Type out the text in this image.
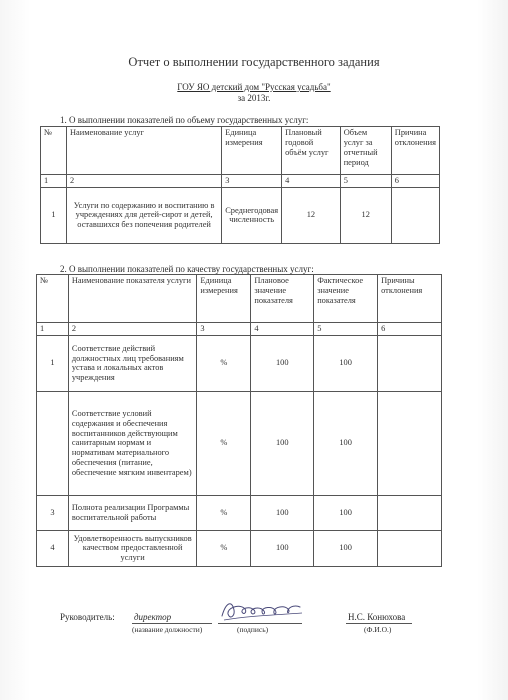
Отчет о выполнении государственного задания
ГОУ ЯО детский дом "Русская усадьба"
за 2013г.
1. О выполнении показателей по объему государственных услуг:
№	Наименование услуг	Единица измерения	Плановый годовой объём услуг	Объем услуг за отчетный период	Причина отклонения
1	2	3	4	5	6
1	Услуги по содержанию и воспитанию в учреждениях для детей-сирот и детей, оставшихся без попечения родителей	Среднегодовая численность	12	12	
2. О выполнении показателей по качеству государственных услуг:
№	Наименование показателя услуги	Единица измерения	Плановое значение показателя	Фактическое значение показателя	Причины отклонения
1	2	3	4	5	6
1	Соответствие действий должностных лиц требованиям устава и локальных актов учреждения	%	100	100	
	Соответствие условий содержания и обеспечения воспитанников действующим санитарным нормам и нормативам материального обеспечения (питание, обеспечение мягким инвентарем)	%	100	100	
3	Полнота реализации Программы воспитательной работы	%	100	100	
4	Удовлетворенность выпускников качеством предоставленной услуги	%	100	100	
Руководитель: директор
(название должности)	(подпись)
Н.С. Конюхова
(Ф.И.О.)
